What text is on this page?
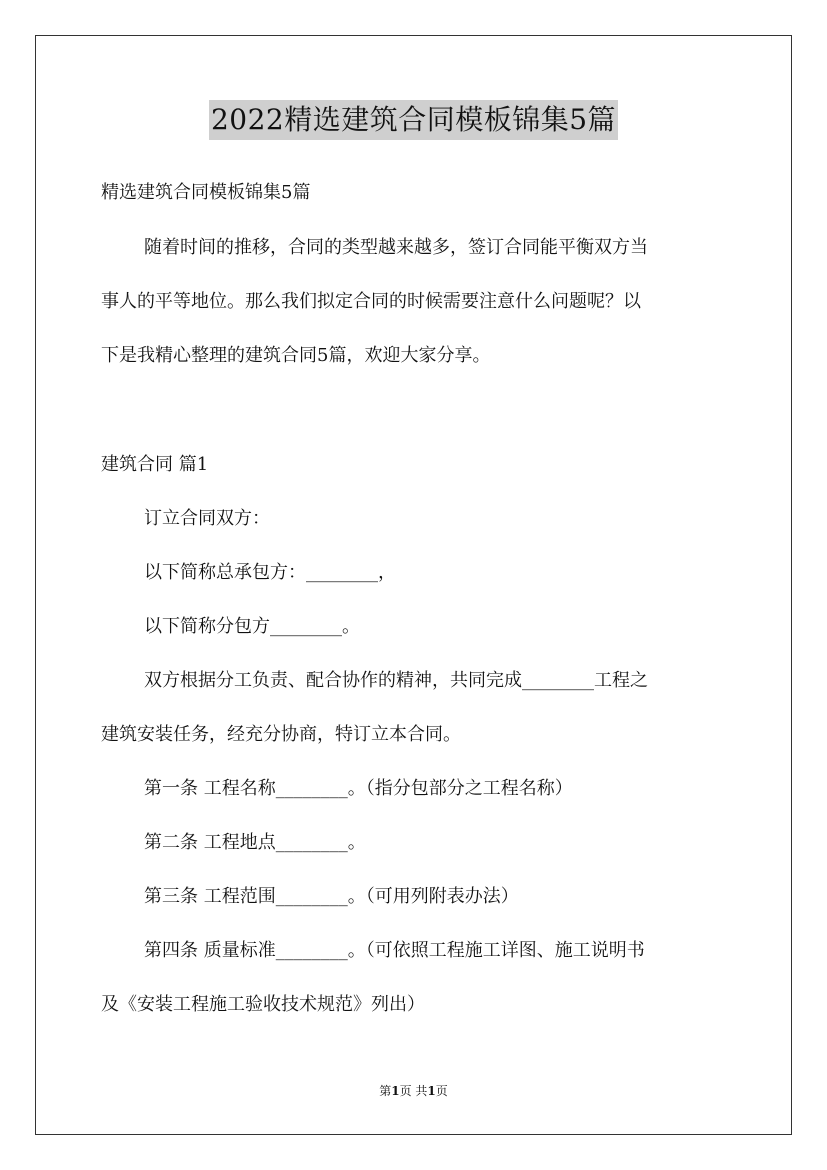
2022精选建筑合同模板锦集5篇
精选建筑合同模板锦集5篇
随着时间的推移，合同的类型越来越多，签订合同能平衡双方当
事人的平等地位。那么我们拟定合同的时候需要注意什么问题呢？以
下是我精心整理的建筑合同5篇，欢迎大家分享。
建筑合同 篇1
订立合同双方：
以下简称总承包方：________，
以下简称分包方________。
双方根据分工负责、配合协作的精神，共同完成________工程之
建筑安装任务，经充分协商，特订立本合同。
第一条 工程名称________。（指分包部分之工程名称）
第二条 工程地点________。
第三条 工程范围________。（可用列附表办法）
第四条 质量标准________。（可依照工程施工详图、施工说明书
及《安装工程施工验收技术规范》列出）
第1页 共1页
